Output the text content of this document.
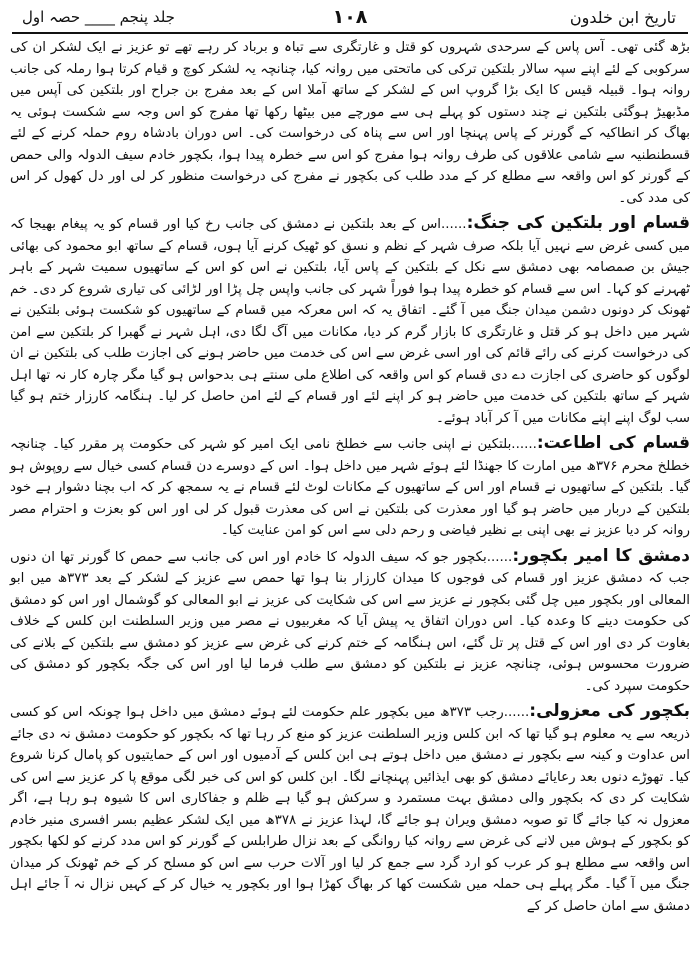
تاریخ ابن خلدون
۱۰۸
جلد پنجم ____ حصہ اول

بڑھ گئی تھی۔ آس پاس کے سرحدی شہروں کو قتل و غارتگری سے تباہ و برباد کر رہے تھے تو عزیز نے ایک لشکر ان کی سرکوبی کے لئے اپنے سپہ سالار بلتکین ترکی کی ماتحتی میں روانہ کیا، چنانچہ یہ لشکر کوچ و قیام کرتا ہوا رملہ کی جانب روانہ ہوا۔ قبیلہ قیس کا ایک بڑا گروپ اس کے لشکر کے ساتھ آملا اس کے بعد مفرج بن جراح اور بلتکین کی آپس میں مڈبھیڑ ہوگئی بلتکین نے چند دستوں کو پہلے ہی سے مورچے میں بیٹھا رکھا تھا مفرج کو اس وجہ سے شکست ہوئی یہ بھاگ کر انطاکیہ کے گورنر کے پاس پہنچا اور اس سے پناہ کی درخواست کی۔ اس دوران بادشاہ روم حملہ کرنے کے لئے قسطنطنیہ سے شامی علاقوں کی طرف روانہ ہوا مفرج کو اس سے خطرہ پیدا ہوا، بکچور خادم سیف الدولہ والی حمص کے گورنر کو اس واقعہ سے مطلع کر کے مدد طلب کی بکچور نے مفرج کی درخواست منظور کر لی اور دل کھول کر اس کی مدد کی۔

قسام اور بلتکین کی جنگ:......اس کے بعد بلتکین نے دمشق کی جانب رخ کیا اور قسام کو یہ پیغام بھیجا کہ میں کسی غرض سے نہیں آیا بلکہ صرف شہر کے نظم و نسق کو ٹھیک کرنے آیا ہوں، قسام کے ساتھ ابو محمود کی بھائی جیش بن صمصامہ بھی دمشق سے نکل کے بلتکین کے پاس آیا، بلتکین نے اس کو اس کے ساتھیوں سمیت شہر کے باہر ٹھہرنے کو کہا۔ اس سے قسام کو خطرہ پیدا ہوا فوراً شہر کی جانب واپس چل پڑا اور لڑائی کی تیاری شروع کر دی۔ خم ٹھونک کر دونوں دشمن میدان جنگ میں آ گئے۔ اتفاق یہ کہ اس معرکہ میں قسام کے ساتھیوں کو شکست ہوئی بلتکین نے شہر میں داخل ہو کر قتل و غارتگری کا بازار گرم کر دیا، مکانات میں آگ لگا دی، اہل شہر نے گھبرا کر بلتکین سے امن کی درخواست کرنے کی رائے قائم کی اور اسی غرض سے اس کی خدمت میں حاضر ہونے کی اجازت طلب کی بلتکین نے ان لوگوں کو حاضری کی اجازت دے دی قسام کو اس واقعہ کی اطلاع ملی سنتے ہی بدحواس ہو گیا مگر چارہ کار نہ تھا اہل شہر کے ساتھ بلتکین کی خدمت میں حاضر ہو کر اپنے لئے اور قسام کے لئے امن حاصل کر لیا۔ ہنگامہ کارزار ختم ہو گیا سب لوگ اپنے اپنے مکانات میں آ کر آباد ہوئے۔

قسام کی اطاعت:......بلتکین نے اپنی جانب سے خطلخ نامی ایک امیر کو شہر کی حکومت پر مقرر کیا۔ چنانچہ خطلخ محرم ۳۷۶ھ میں امارت کا جھنڈا لئے ہوئے شہر میں داخل ہوا۔ اس کے دوسرے دن قسام کسی خیال سے روپوش ہو گیا۔ بلتکین کے ساتھیوں نے قسام اور اس کے ساتھیوں کے مکانات لوٹ لئے قسام نے یہ سمجھ کر کہ اب بچنا دشوار ہے خود بلتکین کے دربار میں حاضر ہو گیا اور معذرت کی بلتکین نے اس کی معذرت قبول کر لی اور اس کو بعزت و احترام مصر روانہ کر دیا عزیز نے بھی اپنی بے نظیر فیاضی و رحم دلی سے اس کو امن عنایت کیا۔

دمشق کا امیر بکچور:......بکچور جو کہ سیف الدولہ کا خادم اور اس کی جانب سے حمص کا گورنر تھا ان دنوں جب کہ دمشق عزیز اور قسام کی فوجوں کا میدان کارزار بنا ہوا تھا حمص سے عزیز کے لشکر کے بعد ۳۷۳ھ میں ابو المعالی اور بکچور میں چل گئی بکچور نے عزیز سے اس کی شکایت کی عزیز نے ابو المعالی کو گوشمال اور اس کو دمشق کی حکومت دینے کا وعدہ کیا۔ اس دوران اتفاق یہ پیش آیا کہ مغربیوں نے مصر میں وزیر السلطنت ابن کلس کے خلاف بغاوت کر دی اور اس کے قتل پر تل گئے، اس ہنگامہ کے ختم کرنے کی غرض سے عزیز کو دمشق سے بلتکین کے بلانے کی ضرورت محسوس ہوئی، چنانچہ عزیز نے بلتکین کو دمشق سے طلب فرما لیا اور اس کی جگہ بکچور کو دمشق کی حکومت سپرد کی۔

بکچور کی معزولی:......رجب ۳۷۳ھ میں بکچور علم حکومت لئے ہوئے دمشق میں داخل ہوا چونکہ اس کو کسی ذریعہ سے یہ معلوم ہو گیا تھا کہ ابن کلس وزیر السلطنت عزیز کو منع کر رہا تھا کہ بکچور کو حکومت دمشق نہ دی جائے اس عداوت و کینہ سے بکچور نے دمشق میں داخل ہوتے ہی ابن کلس کے آدمیوں اور اس کے حمایتیوں کو پامال کرنا شروع کیا۔ تھوڑے دنوں بعد رعایائے دمشق کو بھی ایذائیں پہنچانے لگا۔ ابن کلس کو اس کی خبر لگی موقع پا کر عزیز سے اس کی شکایت کر دی کہ بکچور والی دمشق بہت مستمرد و سرکش ہو گیا ہے ظلم و جفاکاری اس کا شیوہ ہو رہا ہے، اگر معزول نہ کیا جائے گا تو صوبہ دمشق ویران ہو جائے گا، لہذا عزیز نے ۳۷۸ھ میں ایک لشکر عظیم بسر افسری منیر خادم کو بکچور کے ہوش میں لانے کی غرض سے روانہ کیا روانگی کے بعد نزال طرابلس کے گورنر کو اس مدد کرنے کو لکھا بکچور اس واقعہ سے مطلع ہو کر عرب کو ارد گرد سے جمع کر لیا اور آلات حرب سے اس کو مسلح کر کے خم ٹھونک کر میدان جنگ میں آ گیا۔ مگر پہلے ہی حملہ میں شکست کھا کر بھاگ کھڑا ہوا اور بکچور یہ خیال کر کے کہیں نزال نہ آ جائے اہل دمشق سے امان حاصل کر کے
